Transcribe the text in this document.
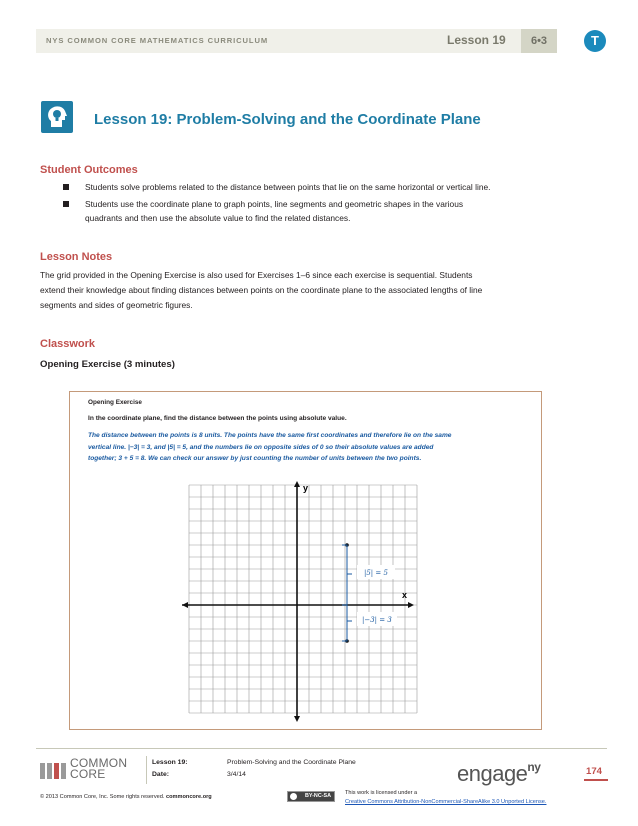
NYS COMMON CORE MATHEMATICS CURRICULUM	Lesson 19	6•3	T
Lesson 19: Problem-Solving and the Coordinate Plane
Student Outcomes
Students solve problems related to the distance between points that lie on the same horizontal or vertical line.
Students use the coordinate plane to graph points, line segments and geometric shapes in the various
quadrants and then use the absolute value to find the related distances.
Lesson Notes
The grid provided in the Opening Exercise is also used for Exercises 1–6 since each exercise is sequential. Students
extend their knowledge about finding distances between points on the coordinate plane to the associated lengths of line
segments and sides of geometric figures.
Classwork
Opening Exercise (3 minutes)
Opening Exercise
In the coordinate plane, find the distance between the points using absolute value.
The distance between the points is 8 units. The points have the same first coordinates and therefore lie on the same
vertical line. |−3| = 3, and |5| = 5, and the numbers lie on opposite sides of 0 so their absolute values are added
together; 3 + 5 = 8. We can check our answer by just counting the number of units between the two points.
y
x
|5| = 5
|−3| = 3
COMMON
CORE
Lesson 19:	Problem-Solving and the Coordinate Plane
Date:	3/4/14	engage$^{ny}$	174
© 2013 Common Core, Inc. Some rights reserved. commoncore.org	BY-NC-SA	This work is licensed under a
Creative Commons Attribution-NonCommercial-ShareAlike 3.0 Unported License.
